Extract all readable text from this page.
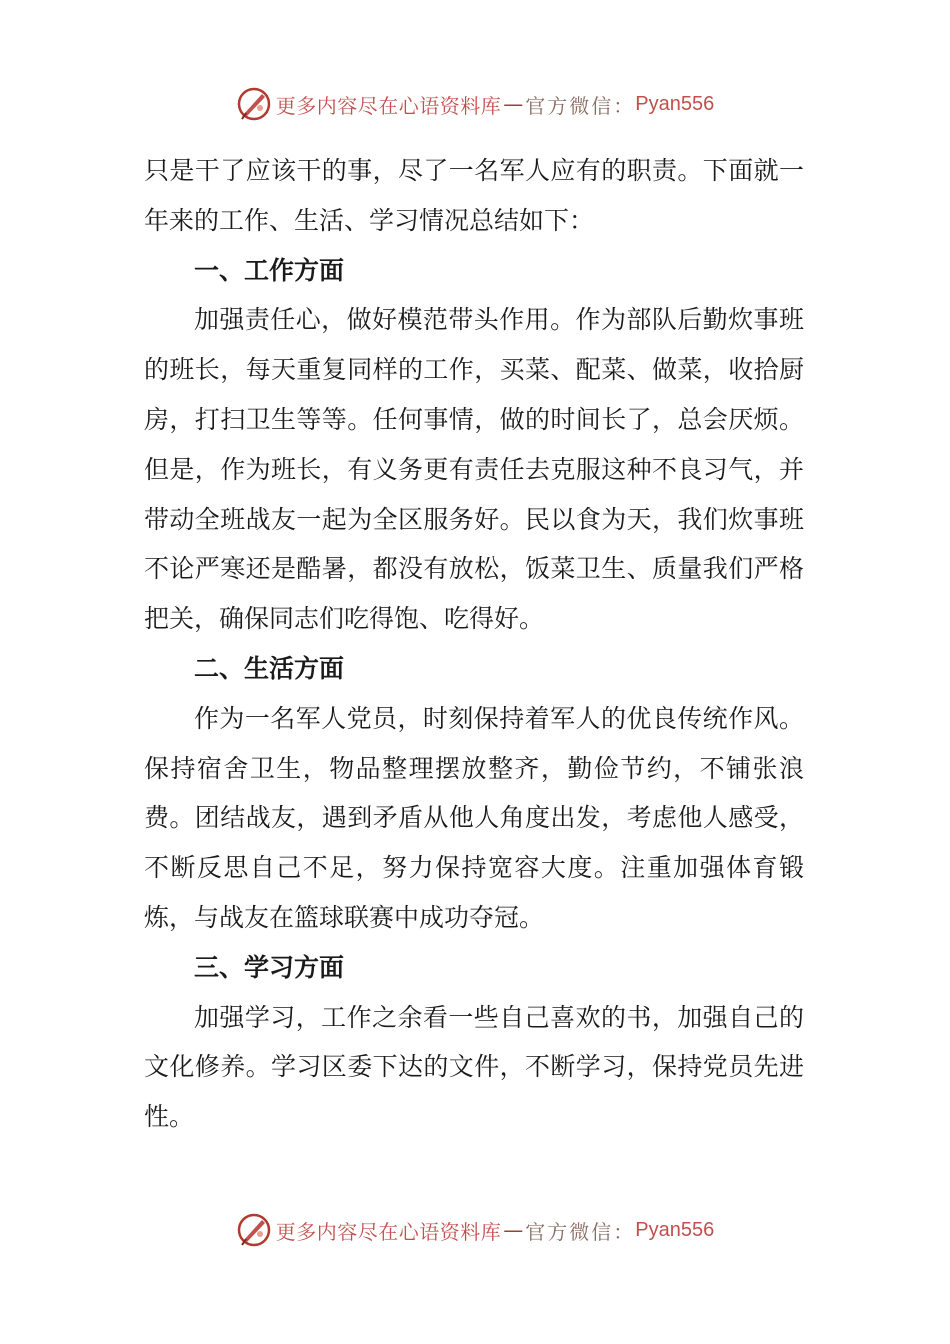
更多内容尽在心语资料库 — 官方微信： Pyan556

只是干了应该干的事，尽了一名军人应有的职责。下面就一年来的工作、生活、学习情况总结如下：

一、工作方面

加强责任心，做好模范带头作用。作为部队后勤炊事班的班长，每天重复同样的工作，买菜、配菜、做菜，收拾厨房，打扫卫生等等。任何事情，做的时间长了，总会厌烦。但是，作为班长，有义务更有责任去克服这种不良习气，并带动全班战友一起为全区服务好。民以食为天，我们炊事班不论严寒还是酷暑，都没有放松，饭菜卫生、质量我们严格把关，确保同志们吃得饱、吃得好。

二、生活方面

作为一名军人党员，时刻保持着军人的优良传统作风。保持宿舍卫生，物品整理摆放整齐，勤俭节约，不铺张浪费。团结战友，遇到矛盾从他人角度出发，考虑他人感受，不断反思自己不足，努力保持宽容大度。注重加强体育锻炼，与战友在篮球联赛中成功夺冠。

三、学习方面

加强学习，工作之余看一些自己喜欢的书，加强自己的文化修养。学习区委下达的文件，不断学习，保持党员先进性。

更多内容尽在心语资料库 — 官方微信： Pyan556
